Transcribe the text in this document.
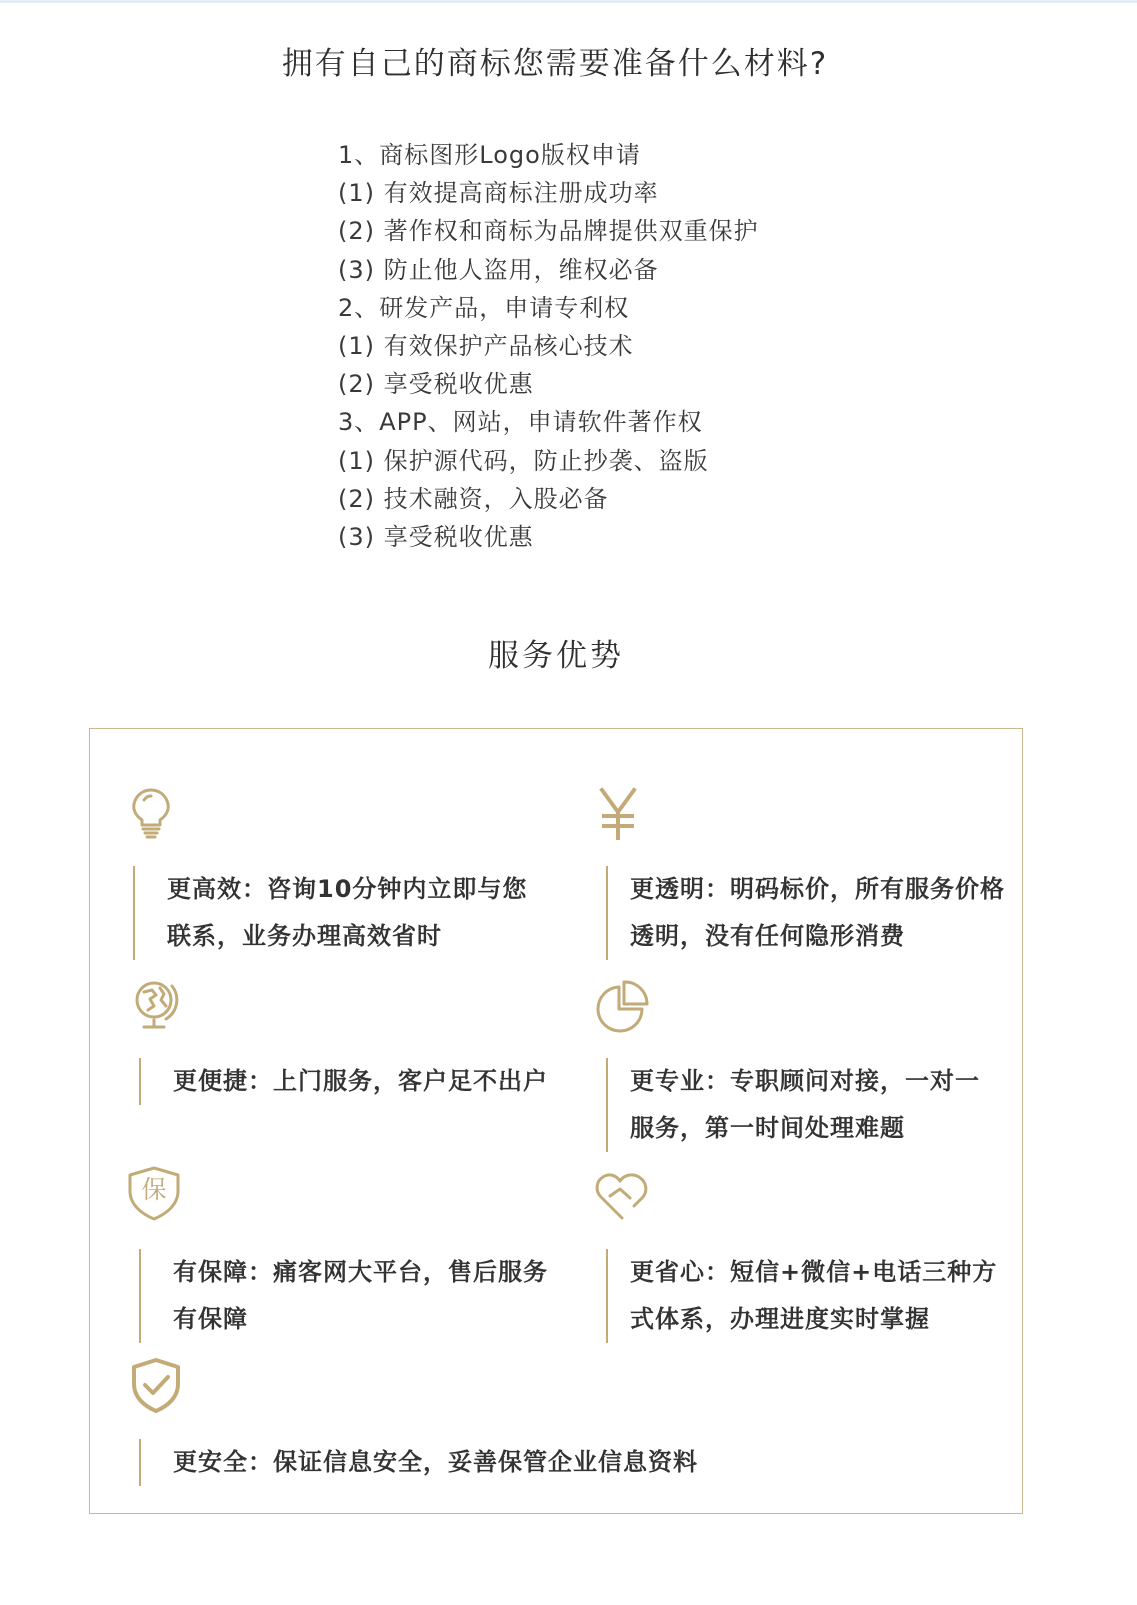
拥有自己的商标您需要准备什么材料?
1、商标图形Logo版权申请
(1) 有效提高商标注册成功率
(2) 著作权和商标为品牌提供双重保护
(3) 防止他人盗用，维权必备
2、研发产品，申请专利权
(1) 有效保护产品核心技术
(2) 享受税收优惠
3、APP、网站，申请软件著作权
(1) 保护源代码，防止抄袭、盗版
(2) 技术融资，入股必备
(3) 享受税收优惠
服务优势
更高效：咨询10分钟内立即与您
联系，业务办理高效省时
更透明：明码标价，所有服务价格
透明，没有任何隐形消费
更便捷：上门服务，客户足不出户	更专业：专职顾问对接，一对一
服务，第一时间处理难题
保
有保障：痛客网大平台，售后服务
有保障
更省心：短信+微信+电话三种方
式体系，办理进度实时掌握
更安全：保证信息安全，妥善保管企业信息资料
